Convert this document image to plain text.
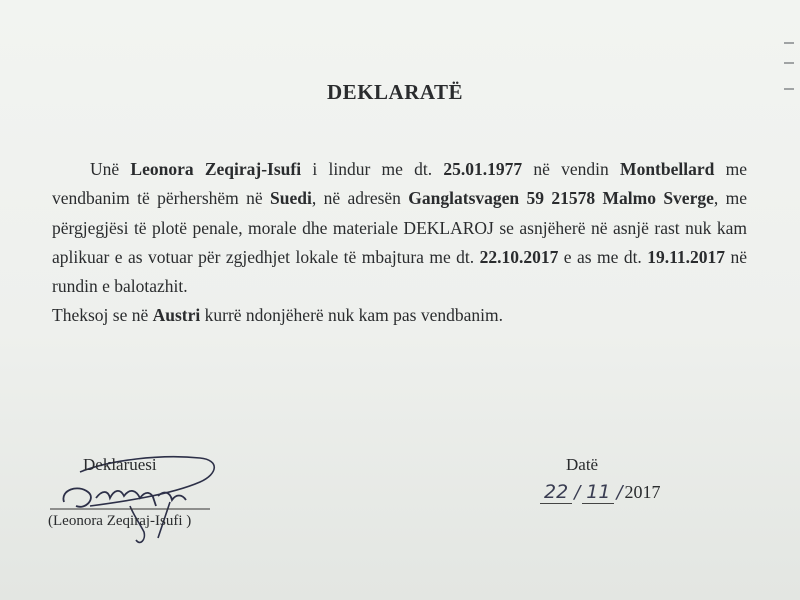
DEKLARATË

Unë Leonora Zeqiraj-Isufi i lindur me dt. 25.01.1977 në vendin Montbellard me vendbanim të përhershëm në Suedi, në adresën Ganglatsvagen 59 21578 Malmo Sverge, me përgjegjësi të plotë penale, morale dhe materiale DEKLAROJ se asnjëherë në asnjë rast nuk kam aplikuar e as votuar për zgjedhjet lokale të mbajtura me dt. 22.10.2017 e as me dt. 19.11.2017 në rundin e balotazhit.

Theksoj se në Austri kurrë ndonjëherë nuk kam pas vendbanim.

Deklaruesi
(Leonora Zeqiraj-Isufi )
Datë
22 / 11 / 2017
